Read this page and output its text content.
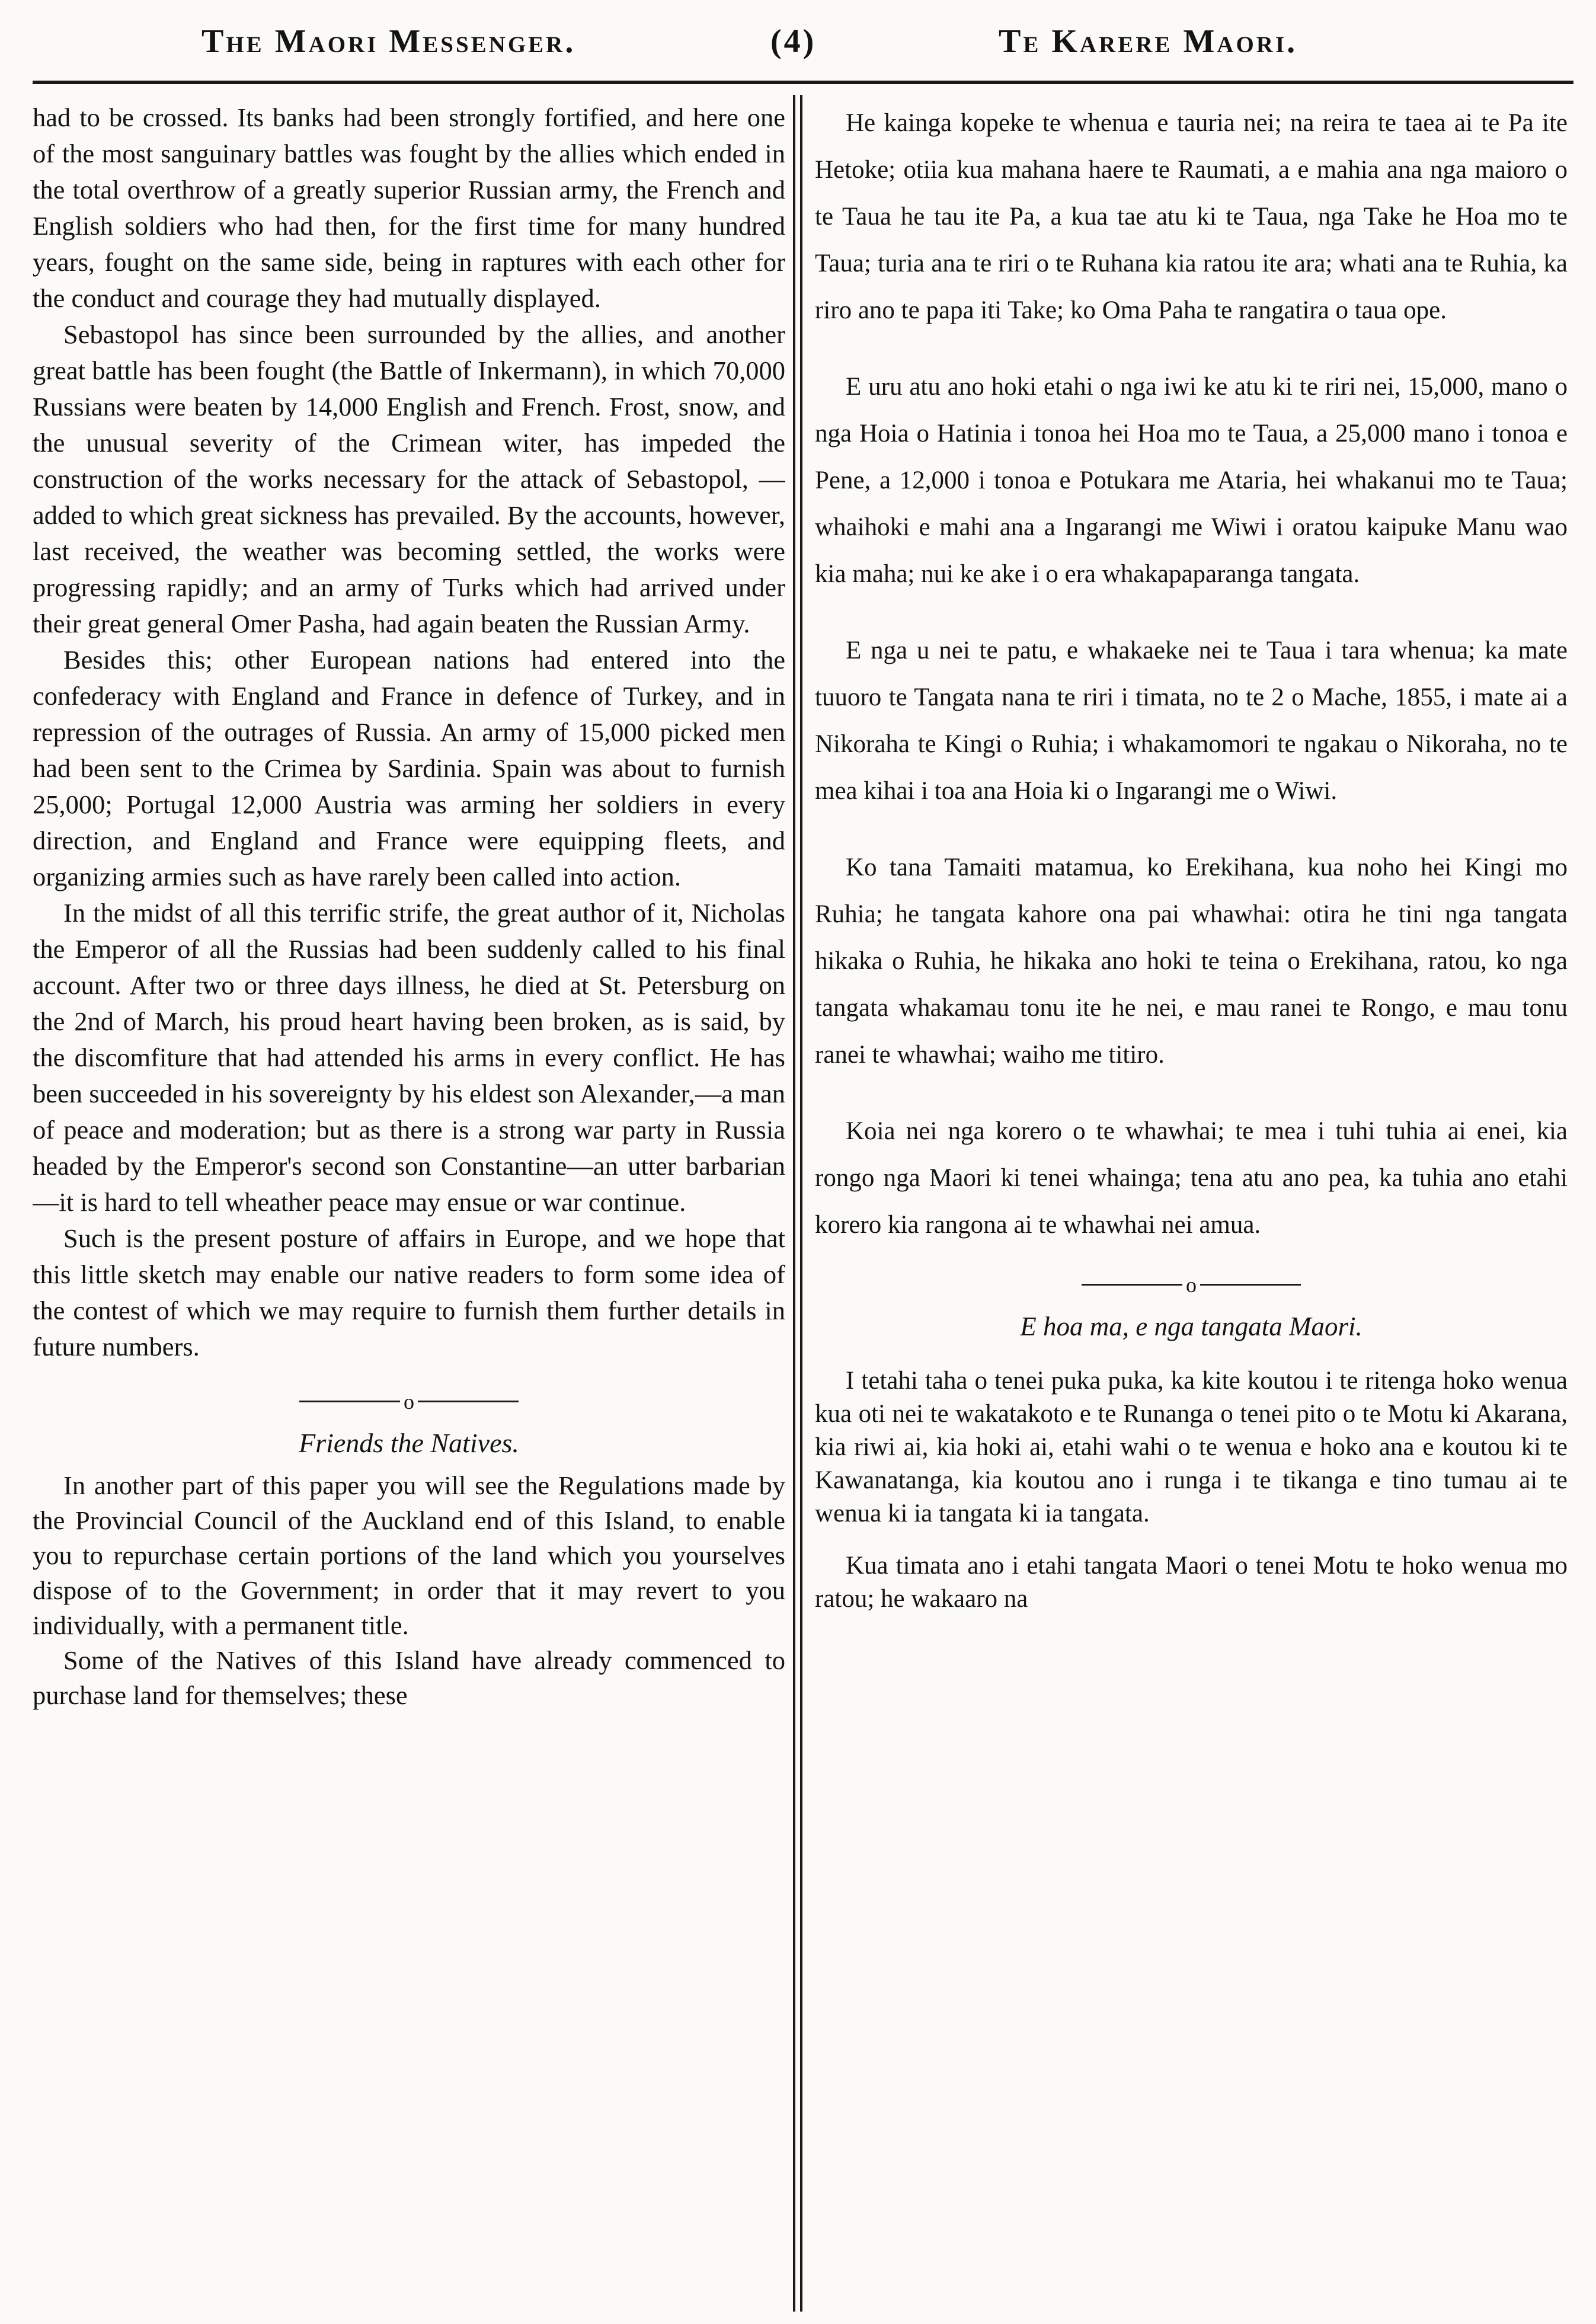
The Maori Messenger.	(4)	Te Karere Maori.

had to be crossed. Its banks had been strongly fortified, and here one of the most sanguinary battles was fought by the allies which ended in the total overthrow of a greatly superior Russian army, the French and English soldiers who had then, for the first time for many hundred years, fought on the same side, being in raptures with each other for the conduct and courage they had mutually displayed.

Sebastopol has since been surrounded by the allies, and another great battle has been fought (the Battle of Inkermann), in which 70,000 Russians were beaten by 14,000 English and French. Frost, snow, and the unusual severity of the Crimean witer, has impeded the construction of the works necessary for the attack of Sebastopol, —added to which great sickness has prevailed. By the accounts, however, last received, the weather was becoming settled, the works were progressing rapidly; and an army of Turks which had arrived under their great general Omer Pasha, had again beaten the Russian Army.

Besides this; other European nations had entered into the confederacy with England and France in defence of Turkey, and in repression of the outrages of Russia. An army of 15,000 picked men had been sent to the Crimea by Sardinia. Spain was about to furnish 25,000; Portugal 12,000 Austria was arming her soldiers in every direction, and England and France were equipping fleets, and organizing armies such as have rarely been called into action.

In the midst of all this terrific strife, the great author of it, Nicholas the Emperor of all the Russias had been suddenly called to his final account. After two or three days illness, he died at St. Petersburg on the 2nd of March, his proud heart having been broken, as is said, by the discomfiture that had attended his arms in every conflict. He has been succeeded in his sovereignty by his eldest son Alexander,—a man of peace and moderation; but as there is a strong war party in Russia headed by the Emperor's second son Constantine—an utter barbarian—it is hard to tell wheather peace may ensue or war continue.

Such is the present posture of affairs in Europe, and we hope that this little sketch may enable our native readers to form some idea of the contest of which we may require to furnish them further details in future numbers.

o
Friends the Natives.

In another part of this paper you will see the Regulations made by the Provincial Council of the Auckland end of this Island, to enable you to repurchase certain portions of the land which you yourselves dispose of to the Government; in order that it may revert to you individually, with a permanent title.

Some of the Natives of this Island have already commenced to purchase land for themselves; these

He kainga kopeke te whenua e tauria nei; na reira te taea ai te Pa ite Hetoke; otiia kua mahana haere te Raumati, a e mahia ana nga maioro o te Taua he tau ite Pa, a kua tae atu ki te Taua, nga Take he Hoa mo te Taua; turia ana te riri o te Ruhana kia ratou ite ara; whati ana te Ruhia, ka riro ano te papa iti Take; ko Oma Paha te rangatira o taua ope.

E uru atu ano hoki etahi o nga iwi ke atu ki te riri nei, 15,000, mano o nga Hoia o Hatinia i tonoa hei Hoa mo te Taua, a 25,000 mano i tonoa e Pene, a 12,000 i tonoa e Potukara me Ataria, hei whakanui mo te Taua; whaihoki e mahi ana a Ingarangi me Wiwi i oratou kaipuke Manu wao kia maha; nui ke ake i o era whakapaparanga tangata.

E nga u nei te patu, e whakaeke nei te Taua i tara whenua; ka mate tuuoro te Tangata nana te riri i timata, no te 2 o Mache, 1855, i mate ai a Nikoraha te Kingi o Ruhia; i whakamomori te ngakau o Nikoraha, no te mea kihai i toa ana Hoia ki o Ingarangi me o Wiwi.

Ko tana Tamaiti matamua, ko Erekihana, kua noho hei Kingi mo Ruhia; he tangata kahore ona pai whawhai: otira he tini nga tangata hikaka o Ruhia, he hikaka ano hoki te teina o Erekihana, ratou, ko nga tangata whakamau tonu ite he nei, e mau ranei te Rongo, e mau tonu ranei te whawhai; waiho me titiro.

Koia nei nga korero o te whawhai; te mea i tuhi tuhia ai enei, kia rongo nga Maori ki tenei whainga; tena atu ano pea, ka tuhia ano etahi korero kia rangona ai te whawhai nei amua.

o
E hoa ma, e nga tangata Maori.

I tetahi taha o tenei puka puka, ka kite koutou i te ritenga hoko wenua kua oti nei te wakatakoto e te Runanga o tenei pito o te Motu ki Akarana, kia riwi ai, kia hoki ai, etahi wahi o te wenua e hoko ana e koutou ki te Kawanatanga, kia koutou ano i runga i te tikanga e tino tumau ai te wenua ki ia tangata ki ia tangata.

Kua timata ano i etahi tangata Maori o tenei Motu te hoko wenua mo ratou; he wakaaro na
